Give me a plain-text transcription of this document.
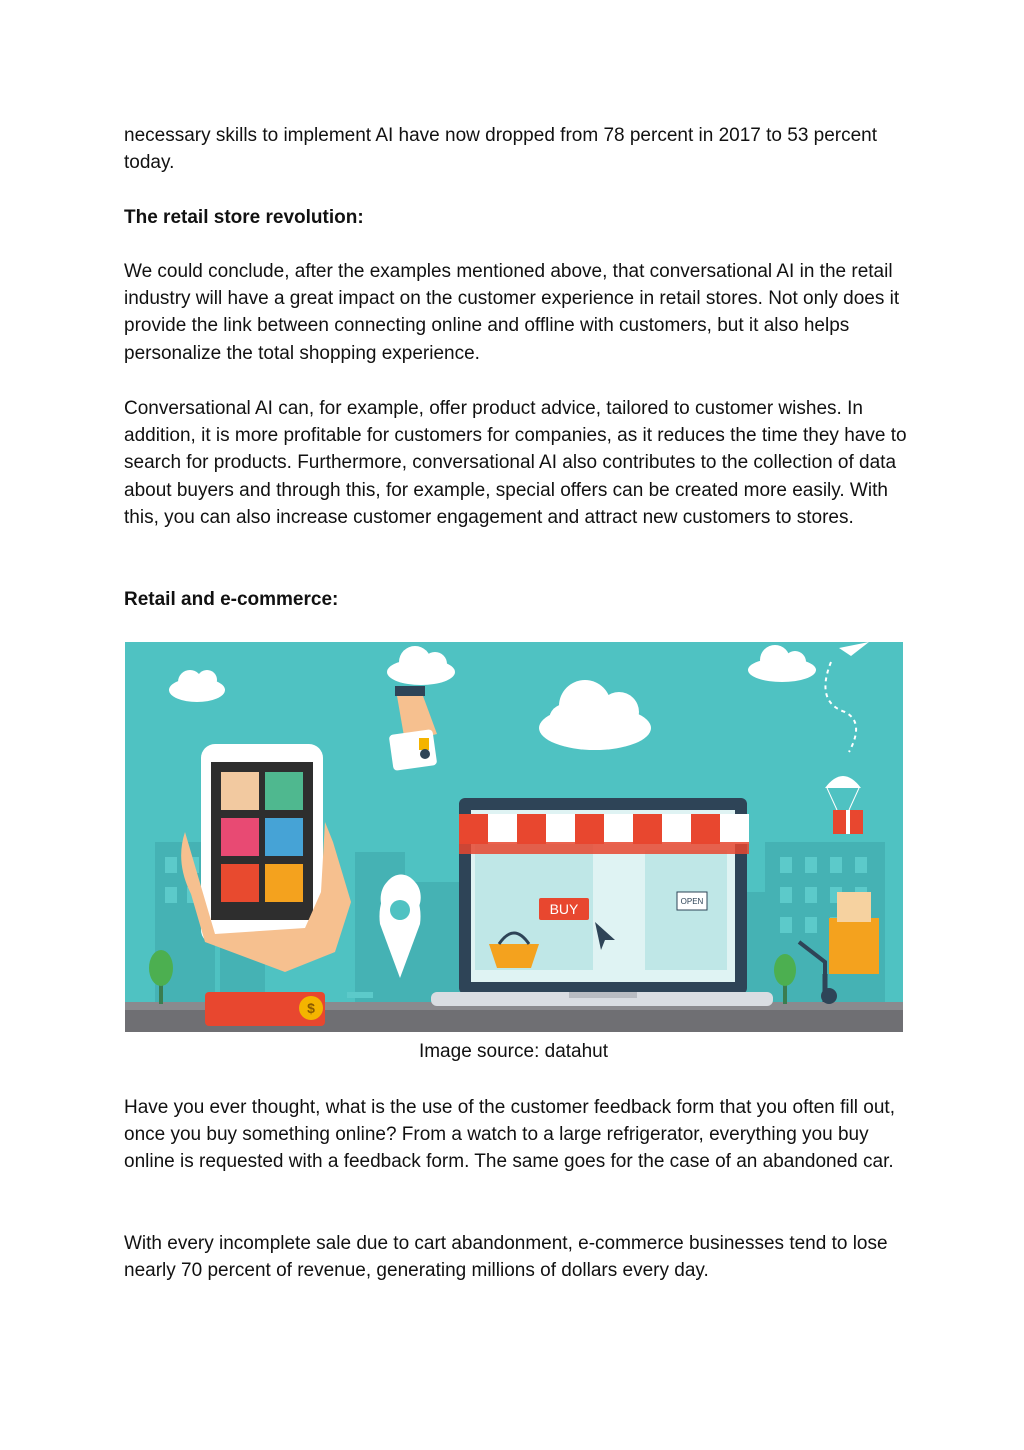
necessary skills to implement AI have now dropped from 78 percent in 2017 to 53 percent today.

The retail store revolution:

We could conclude, after the examples mentioned above, that conversational AI in the retail industry will have a great impact on the customer experience in retail stores. Not only does it provide the link between connecting online and offline with customers, but it also helps personalize the total shopping experience.

Conversational AI can, for example, offer product advice, tailored to customer wishes. In addition, it is more profitable for customers for companies, as it reduces the time they have to search for products. Furthermore, conversational AI also contributes to the collection of data about buyers and through this, for example, special offers can be created more easily. With this, you can also increase customer engagement and attract new customers to stores.

Retail and e-commerce:

$
BUY	OPEN

Image source: datahut

Have you ever thought, what is the use of the customer feedback form that you often fill out, once you buy something online? From a watch to a large refrigerator, everything you buy online is requested with a feedback form. The same goes for the case of an abandoned car.

With every incomplete sale due to cart abandonment, e-commerce businesses tend to lose nearly 70 percent of revenue, generating millions of dollars every day.
